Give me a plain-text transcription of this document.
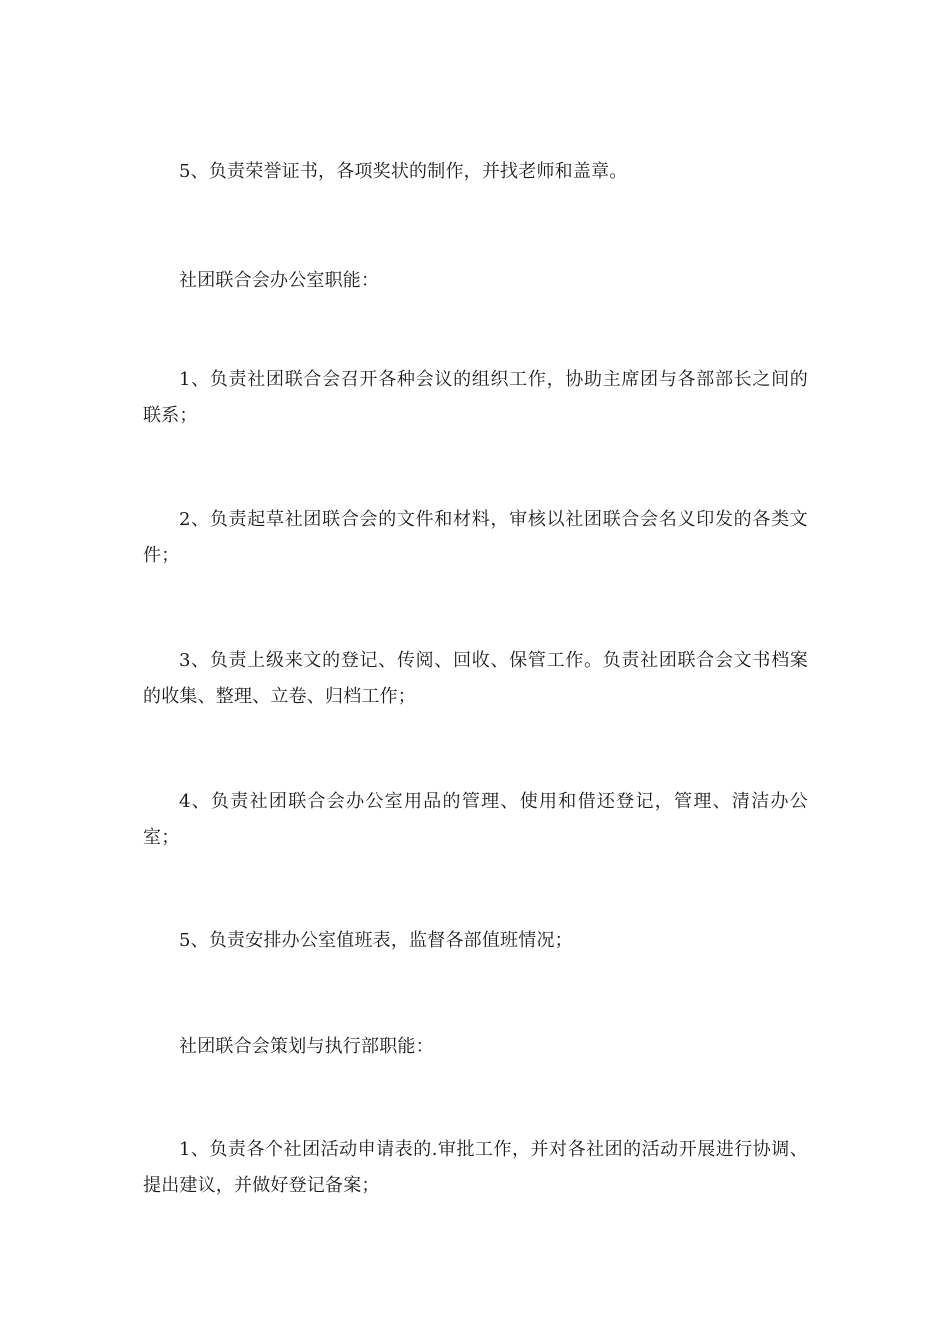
5、负责荣誉证书，各项奖状的制作，并找老师和盖章。

社团联合会办公室职能：

1、负责社团联合会召开各种会议的组织工作，协助主席团与各部部长之间的联系；

2、负责起草社团联合会的文件和材料，审核以社团联合会名义印发的各类文件；

3、负责上级来文的登记、传阅、回收、保管工作。负责社团联合会文书档案的收集、整理、立卷、归档工作；

4、负责社团联合会办公室用品的管理、使用和借还登记，管理、清洁办公室；

5、负责安排办公室值班表，监督各部值班情况；

社团联合会策划与执行部职能：

1、负责各个社团活动申请表的.审批工作，并对各社团的活动开展进行协调、提出建议，并做好登记备案；
